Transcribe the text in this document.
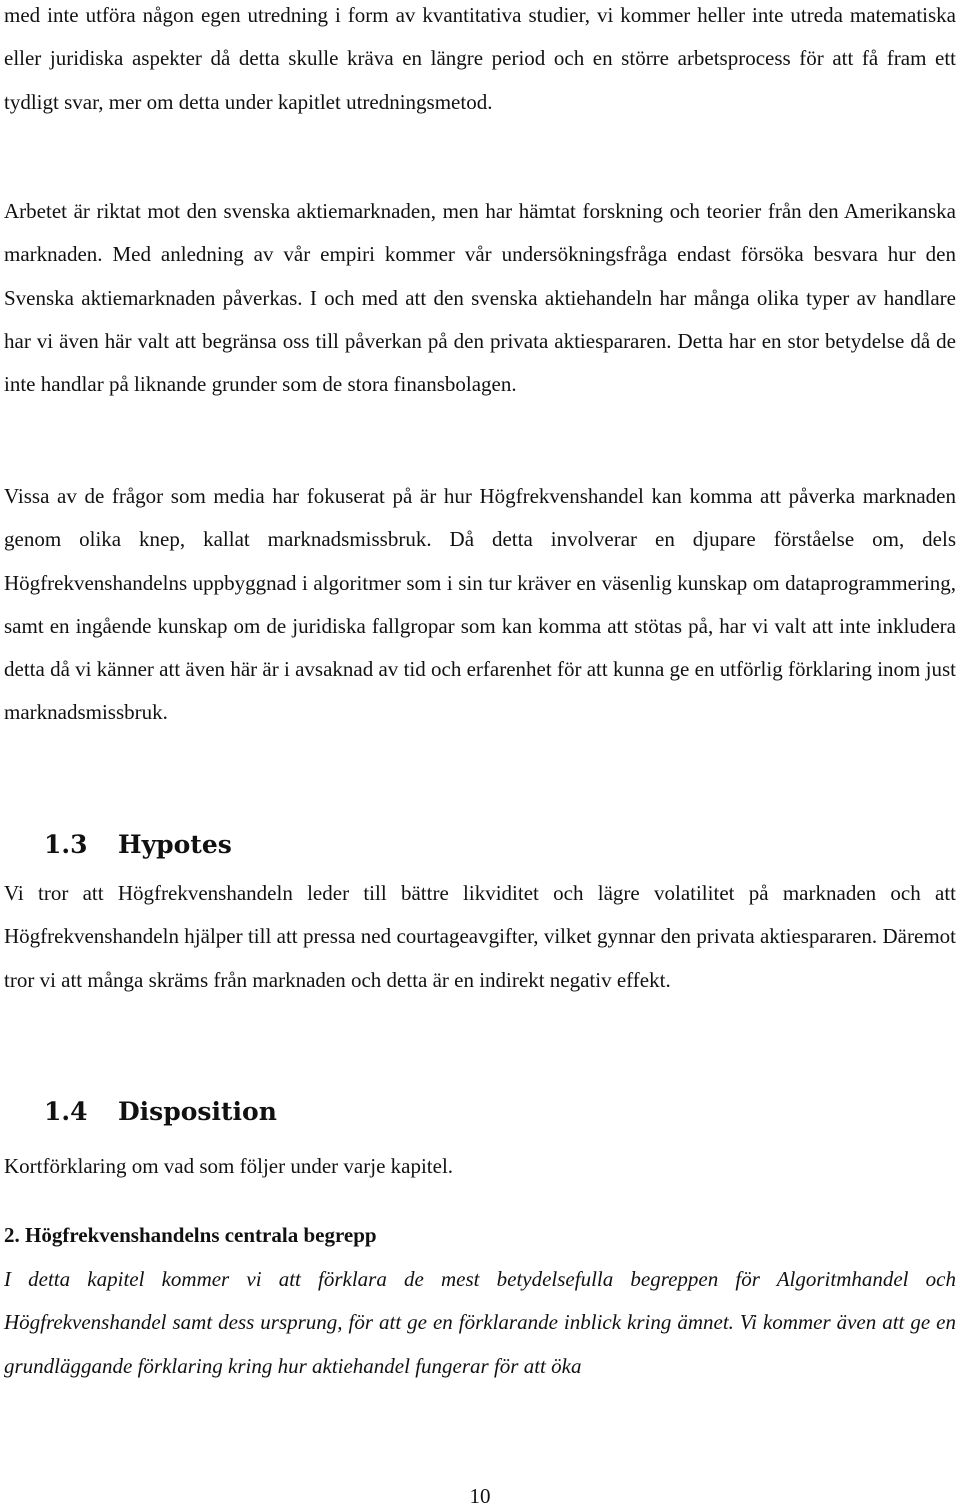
med inte utföra någon egen utredning i form av kvantitativa studier, vi kommer heller inte utreda matematiska eller juridiska aspekter då detta skulle kräva en längre period och en större arbetsprocess för att få fram ett tydligt svar, mer om detta under kapitlet utredningsmetod.

Arbetet är riktat mot den svenska aktiemarknaden, men har hämtat forskning och teorier från den Amerikanska marknaden. Med anledning av vår empiri kommer vår undersökningsfråga endast försöka besvara hur den Svenska aktiemarknaden påverkas. I och med att den svenska aktiehandeln har många olika typer av handlare har vi även här valt att begränsa oss till påverkan på den privata aktiespararen. Detta har en stor betydelse då de inte handlar på liknande grunder som de stora finansbolagen.

Vissa av de frågor som media har fokuserat på är hur Högfrekvenshandel kan komma att påverka marknaden genom olika knep, kallat marknadsmissbruk. Då detta involverar en djupare förståelse om, dels Högfrekvenshandelns uppbyggnad i algoritmer som i sin tur kräver en väsenlig kunskap om dataprogrammering, samt en ingående kunskap om de juridiska fallgropar som kan komma att stötas på, har vi valt att inte inkludera detta då vi känner att även här är i avsaknad av tid och erfarenhet för att kunna ge en utförlig förklaring inom just marknadsmissbruk.

1.3 Hypotes

Vi tror att Högfrekvenshandeln leder till bättre likviditet och lägre volatilitet på marknaden och att Högfrekvenshandeln hjälper till att pressa ned courtageavgifter, vilket gynnar den privata aktiespararen. Däremot tror vi att många skräms från marknaden och detta är en indirekt negativ effekt.

1.4 Disposition

Kortförklaring om vad som följer under varje kapitel.

2. Högfrekvenshandelns centrala begrepp

I detta kapitel kommer vi att förklara de mest betydelsefulla begreppen för Algoritmhandel och Högfrekvenshandel samt dess ursprung, för att ge en förklarande inblick kring ämnet. Vi kommer även att ge en grundläggande förklaring kring hur aktiehandel fungerar för att öka

10
